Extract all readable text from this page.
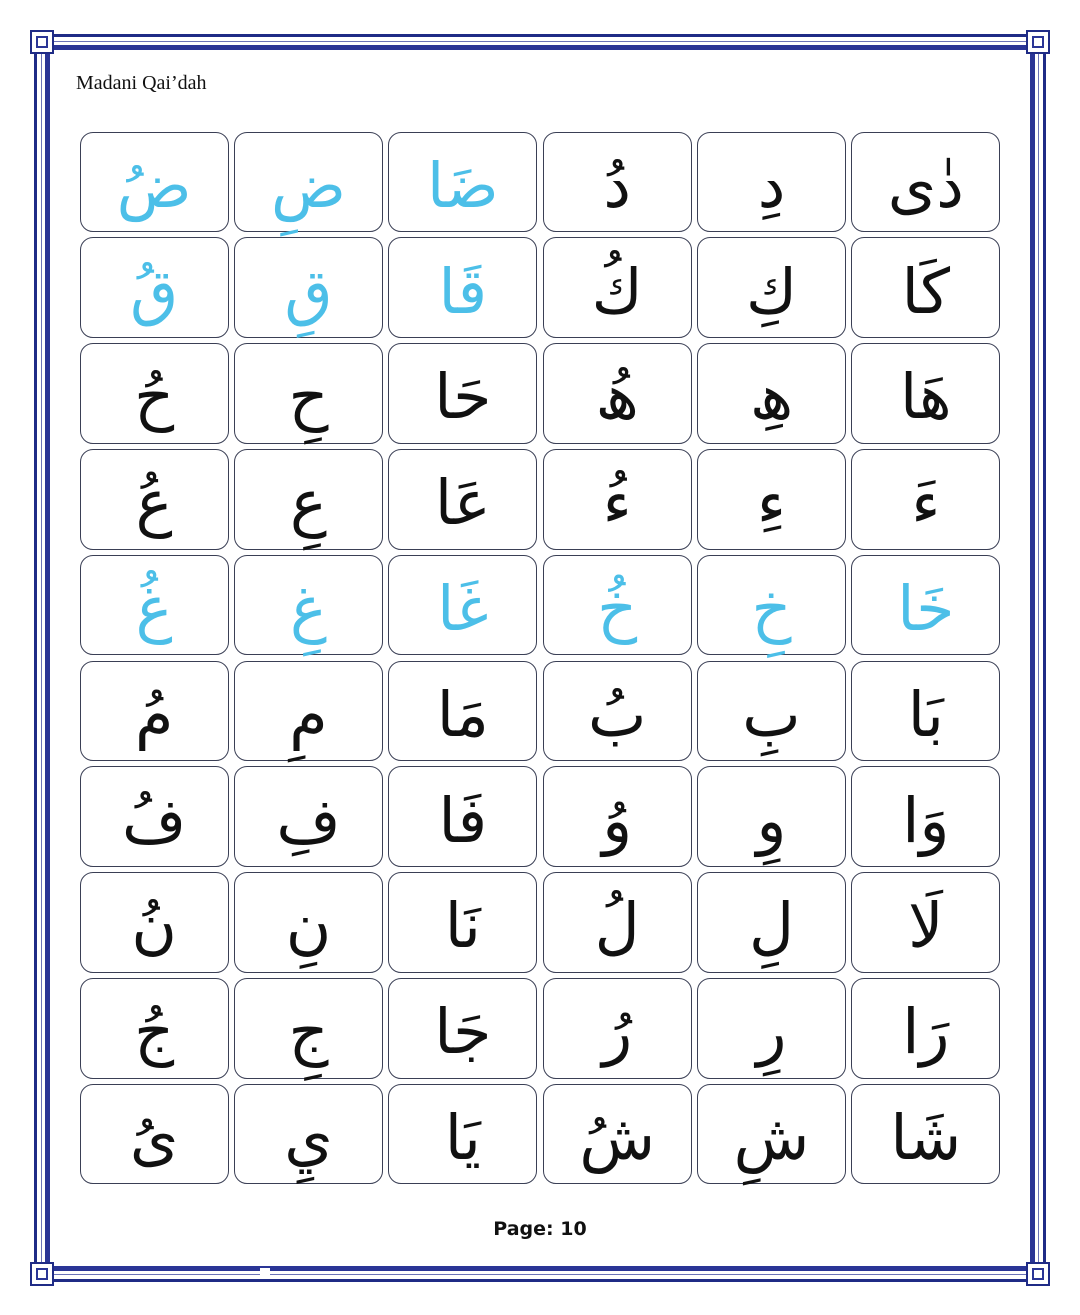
Madani Qai’dah
دٰى
دِ
دُ
ضَا
ضِ
ضُ
كَا
كِ
كُ
قَا
قِ
قُ
ھَا
ھِ
ھُ
حَا
حِ
حُ
ءَ
ءِ
ءُ
عَا
عِ
عُ
خَا
خِ
خُ
غَا
غِ
غُ
بَا
بِ
بُ
مَا
مِ
مُ
وَا
وِ
وُ
فَا
فِ
فُ
لَا
لِ
لُ
نَا
نِ
نُ
رَا
رِ
رُ
جَا
جِ
جُ
شَا
شِ
شُ
يَا
يِ
ىُ
Page: 10
